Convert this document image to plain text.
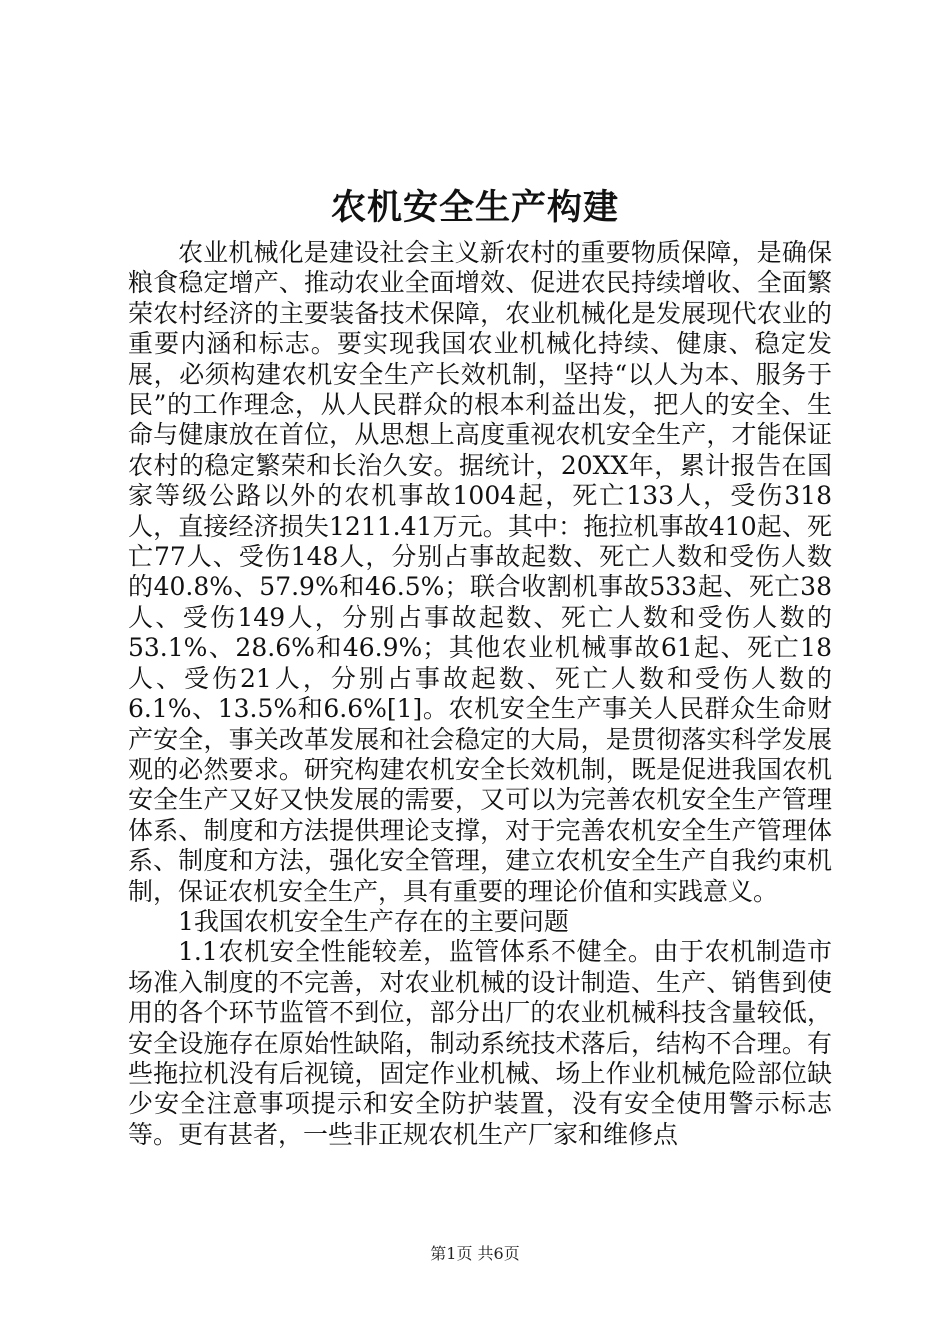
农机安全生产构建

农业机械化是建设社会主义新农村的重要物质保障，是确保粮食稳定增产、推动农业全面增效、促进农民持续增收、全面繁荣农村经济的主要装备技术保障，农业机械化是发展现代农业的重要内涵和标志。要实现我国农业机械化持续、健康、稳定发展，必须构建农机安全生产长效机制，坚持“以人为本、服务于民”的工作理念，从人民群众的根本利益出发，把人的安全、生命与健康放在首位，从思想上高度重视农机安全生产，才能保证农村的稳定繁荣和长治久安。据统计，20XX年，累计报告在国家等级公路以外的农机事故1004起，死亡133人，受伤318人，直接经济损失1211.41万元。其中：拖拉机事故410起、死亡77人、受伤148人，分别占事故起数、死亡人数和受伤人数的40.8%、57.9%和46.5%；联合收割机事故533起、死亡38人、受伤149人，分别占事故起数、死亡人数和受伤人数的53.1%、28.6%和46.9%；其他农业机械事故61起、死亡18人、受伤21人，分别占事故起数、死亡人数和受伤人数的6.1%、13.5%和6.6%[1]。农机安全生产事关人民群众生命财产安全，事关改革发展和社会稳定的大局，是贯彻落实科学发展观的必然要求。研究构建农机安全长效机制，既是促进我国农机安全生产又好又快发展的需要，又可以为完善农机安全生产管理体系、制度和方法提供理论支撑，对于完善农机安全生产管理体系、制度和方法，强化安全管理，建立农机安全生产自我约束机制，保证农机安全生产，具有重要的理论价值和实践意义。

1我国农机安全生产存在的主要问题

1.1农机安全性能较差，监管体系不健全。由于农机制造市场准入制度的不完善，对农业机械的设计制造、生产、销售到使用的各个环节监管不到位，部分出厂的农业机械科技含量较低，安全设施存在原始性缺陷，制动系统技术落后，结构不合理。有些拖拉机没有后视镜，固定作业机械、场上作业机械危险部位缺少安全注意事项提示和安全防护装置，没有安全使用警示标志等。更有甚者，一些非正规农机生产厂家和维修点

第1页 共6页
